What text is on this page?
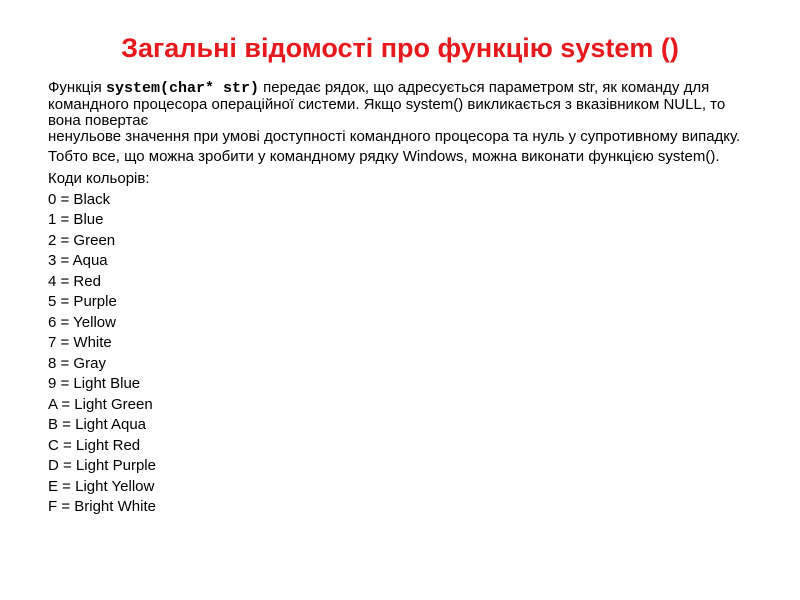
Загальні відомості про функцію system ()

Функція system(char* str) передає рядок, що адресується параметром str, як команду для командного процесора операційної системи. Якщо system() викликається з вказівником NULL, то вона повертає

ненульове значення при умові доступності командного процесора та нуль у супротивному випадку.

Тобто все, що можна зробити у командному рядку Windows, можна виконати функцією system().

Коди кольорів:

0 = Black
1 = Blue
2 = Green
3 = Aqua
4 = Red
5 = Purple
6 = Yellow
7 = White
8 = Gray
9 = Light Blue
A = Light Green
B = Light Aqua
C = Light Red
D = Light Purple
E = Light Yellow
F = Bright White
